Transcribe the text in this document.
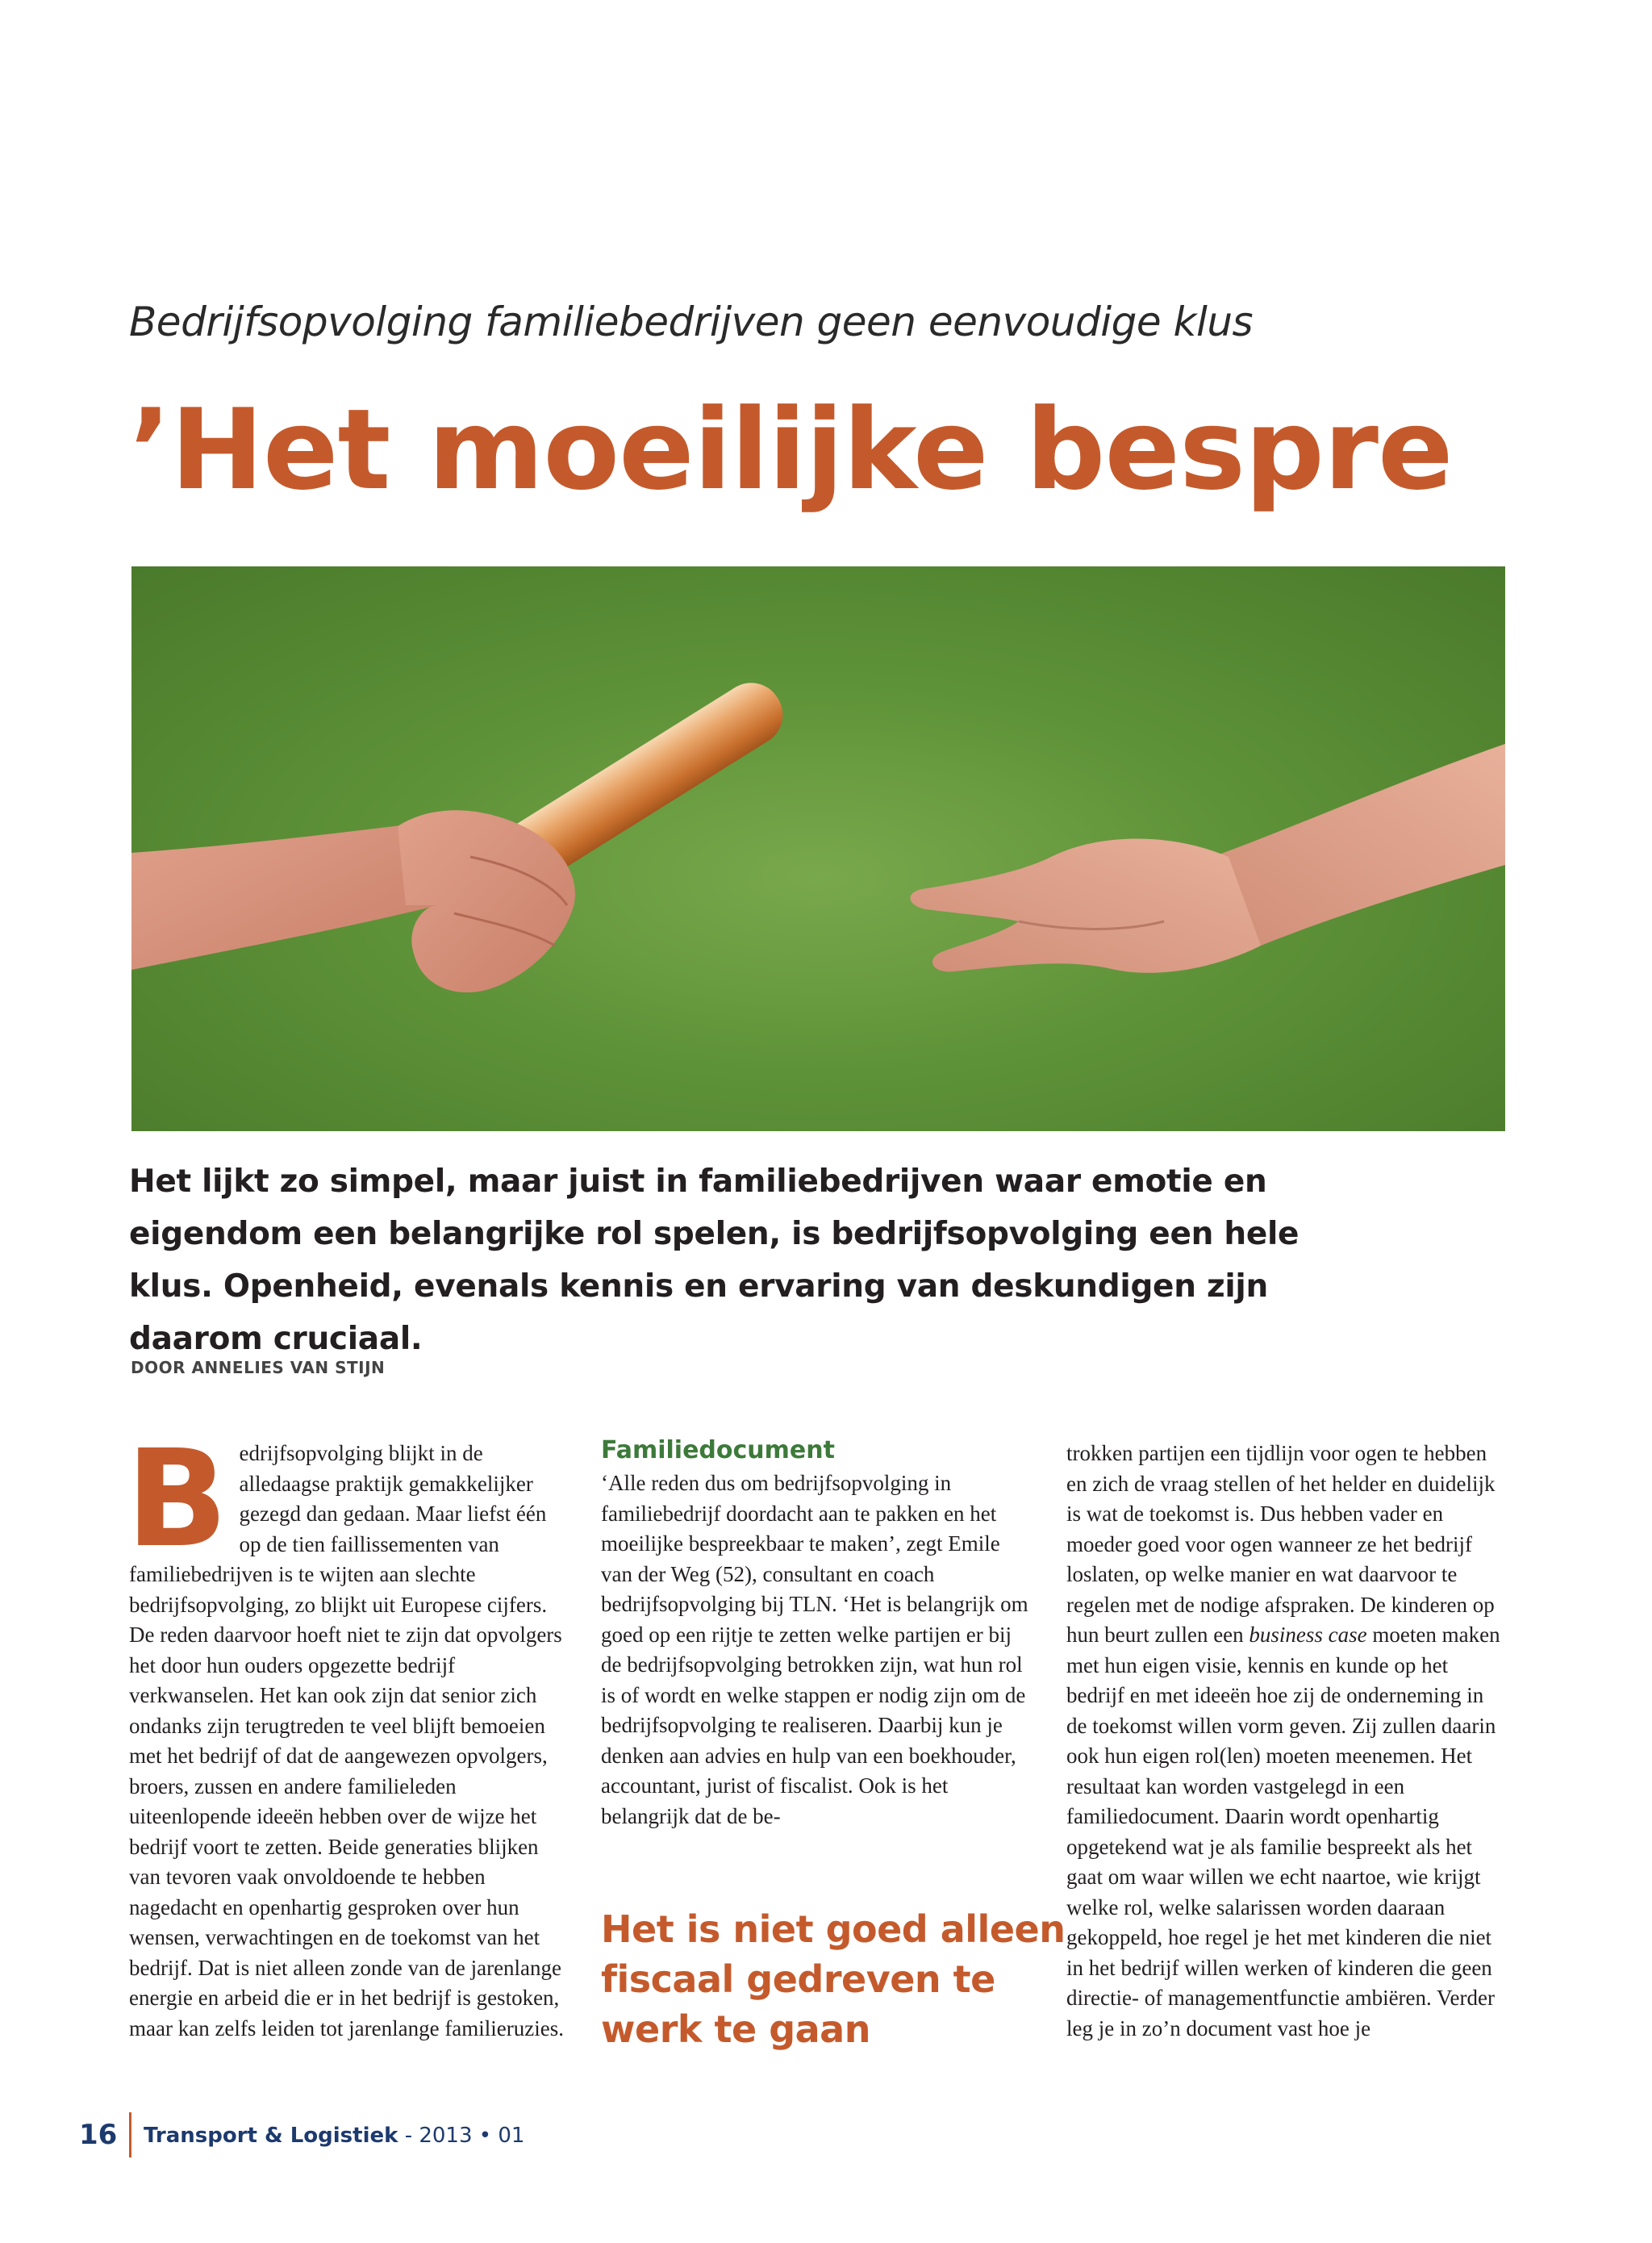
Bedrijfsopvolging familiebedrijven geen eenvoudige klus
’Het moeilijke bespre
Het lijkt zo simpel, maar juist in familiebedrijven waar emotie en eigendom een belangrijke rol spelen, is bedrijfsopvolging een hele klus. Openheid, evenals kennis en ervaring van deskundigen zijn daarom cruciaal.
DOOR ANNELIES VAN STIJN
B edrijfsopvolging blijkt in de alledaagse praktijk gemakkelijker gezegd dan gedaan. Maar liefst één op de tien faillissementen van familiebedrijven is te wijten aan slechte bedrijfsopvolging, zo blijkt uit Europese cijfers. De reden daarvoor hoeft niet te zijn dat opvolgers het door hun ouders opgezette bedrijf verkwanselen. Het kan ook zijn dat senior zich ondanks zijn terugtreden te veel blijft bemoeien met het bedrijf of dat de aangewezen opvolgers, broers, zussen en andere familieleden uiteenlopende ideeën hebben over de wijze het bedrijf voort te zetten. Beide generaties blijken van tevoren vaak onvoldoende te hebben nagedacht en openhartig gesproken over hun wensen, verwachtingen en de toekomst van het bedrijf. Dat is niet alleen zonde van de jarenlange energie en arbeid die er in het bedrijf is gestoken, maar kan zelfs leiden tot jarenlange familieruzies.
Familiedocument

‘Alle reden dus om bedrijfsopvolging in familiebedrijf doordacht aan te pakken en het moeilijke bespreekbaar te maken’, zegt Emile van der Weg (52), consultant en coach bedrijfsopvolging bij TLN. ‘Het is belangrijk om goed op een rijtje te zetten welke partijen er bij de bedrijfsopvolging betrokken zijn, wat hun rol is of wordt en welke stappen er nodig zijn om de bedrijfsopvolging te realiseren. Daarbij kun je denken aan advies en hulp van een boekhouder, accountant, jurist of fiscalist. Ook is het belangrijk dat de be-

Het is niet goed alleen fiscaal gedreven te werk te gaan
trokken partijen een tijdlijn voor ogen te hebben en zich de vraag stellen of het helder en duidelijk is wat de toekomst is. Dus hebben vader en moeder goed voor ogen wanneer ze het bedrijf loslaten, op welke manier en wat daarvoor te regelen met de nodige afspraken. De kinderen op hun beurt zullen een business case moeten maken met hun eigen visie, kennis en kunde op het bedrijf en met ideeën hoe zij de onderneming in de toekomst willen vorm geven. Zij zullen daarin ook hun eigen rol(len) moeten meenemen. Het resultaat kan worden vastgelegd in een familiedocument. Daarin wordt openhartig opgetekend wat je als familie bespreekt als het gaat om waar willen we echt naartoe, wie krijgt welke rol, welke salarissen worden daaraan gekoppeld, hoe regel je het met kinderen die niet in het bedrijf willen werken of kinderen die geen directie- of managementfunctie ambiëren. Verder leg je in zo’n document vast hoe je
16 Transport & Logistiek - 2013 • 01
